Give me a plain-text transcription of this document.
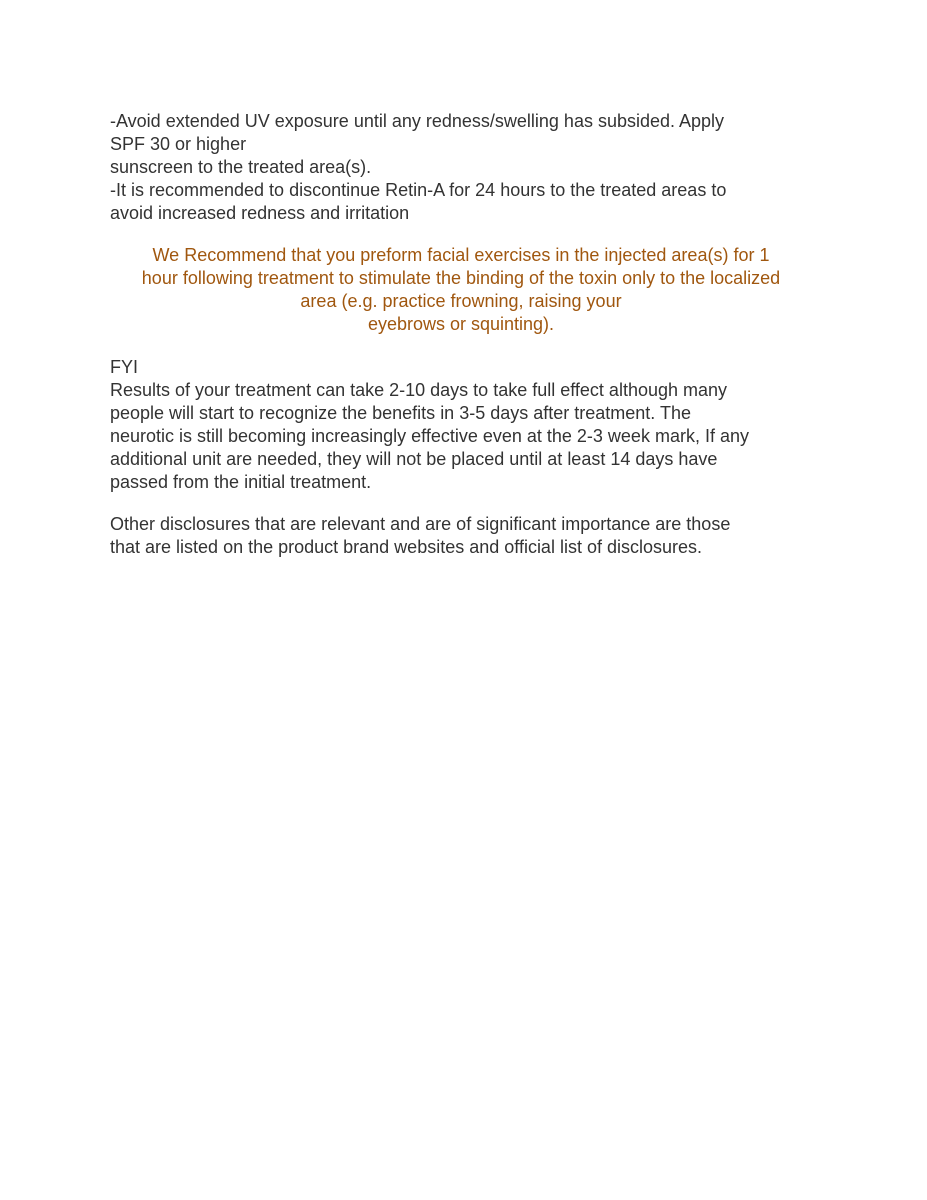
-Avoid extended UV exposure until any redness/swelling has subsided. Apply
SPF 30 or higher
sunscreen to the treated area(s).
-It is recommended to discontinue Retin-A for 24 hours to the treated areas to
avoid increased redness and irritation
We Recommend that you preform facial exercises in the injected area(s) for 1
hour following treatment to stimulate the binding of the toxin only to the localized
area (e.g. practice frowning, raising your
eyebrows or squinting).
FYI
Results of your treatment can take 2-10 days to take full effect although many
people will start to recognize the benefits in 3-5 days after treatment. The
neurotic is still becoming increasingly effective even at the 2-3 week mark, If any
additional unit are needed, they will not be placed until at least 14 days have
passed from the initial treatment.
Other disclosures that are relevant and are of significant importance are those
that are listed on the product brand websites and official list of disclosures.
